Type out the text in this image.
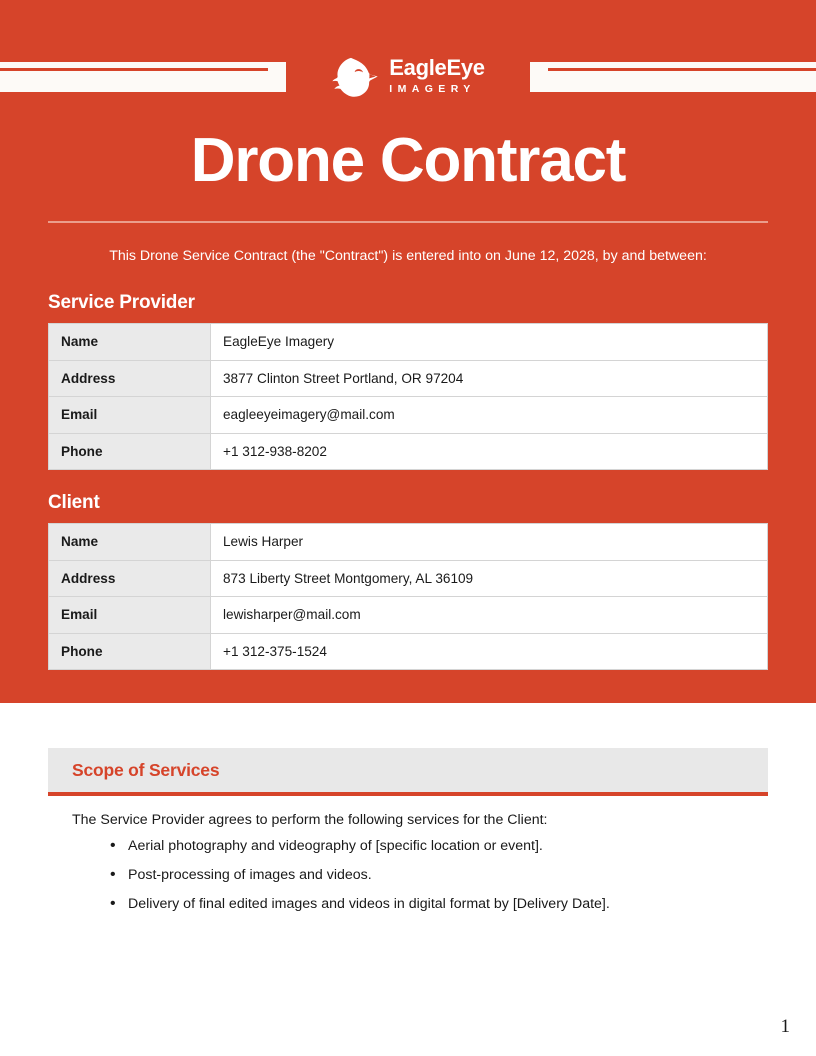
EagleEye
IMAGERY
Drone Contract
This Drone Service Contract (the "Contract") is entered into on June 12, 2028, by and between:
Service Provider
Name	EagleEye Imagery
Address	3877 Clinton Street Portland, OR 97204
Email	eagleeyeimagery@mail.com
Phone	+1 312-938-8202
Client
Name	Lewis Harper
Address	873 Liberty Street Montgomery, AL 36109
Email	lewisharper@mail.com
Phone	+1 312-375-1524
Scope of Services

The Service Provider agrees to perform the following services for the Client:

• Aerial photography and videography of [specific location or event].
• Post-processing of images and videos.
• Delivery of final edited images and videos in digital format by [Delivery Date].
1
